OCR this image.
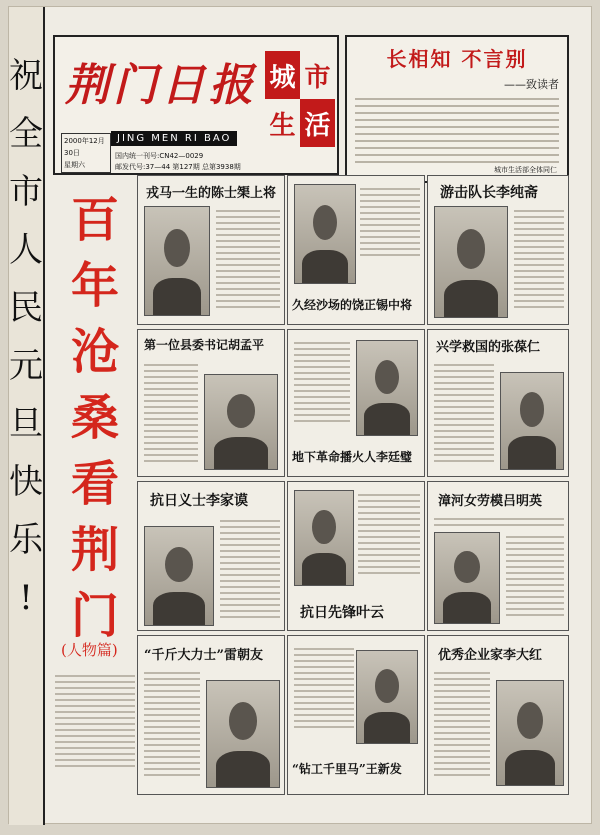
祝
全
市
人
民
元
旦
快
乐
!
荆门日报 城 市
生 活
2000年12月30日
星期六
JING MEN RI BAO
国内统一刊号:CN42—0029
邮发代号:37—44 第127期 总第3938期
长相知 不言别
——致读者
城市生活部全体同仁
百
年
沧
桑
看
荆
门
(人物篇)
戎马一生的陈士榘上将
久经沙场的饶正锡中将
游击队长李纯斋
第一位县委书记胡孟平
地下革命播火人李廷璧
兴学救国的张葆仁
抗日义士李家谟
抗日先锋叶云
漳河女劳模吕明英
“千斤大力士”雷朝友
“钻工千里马”王新发
优秀企业家李大红
